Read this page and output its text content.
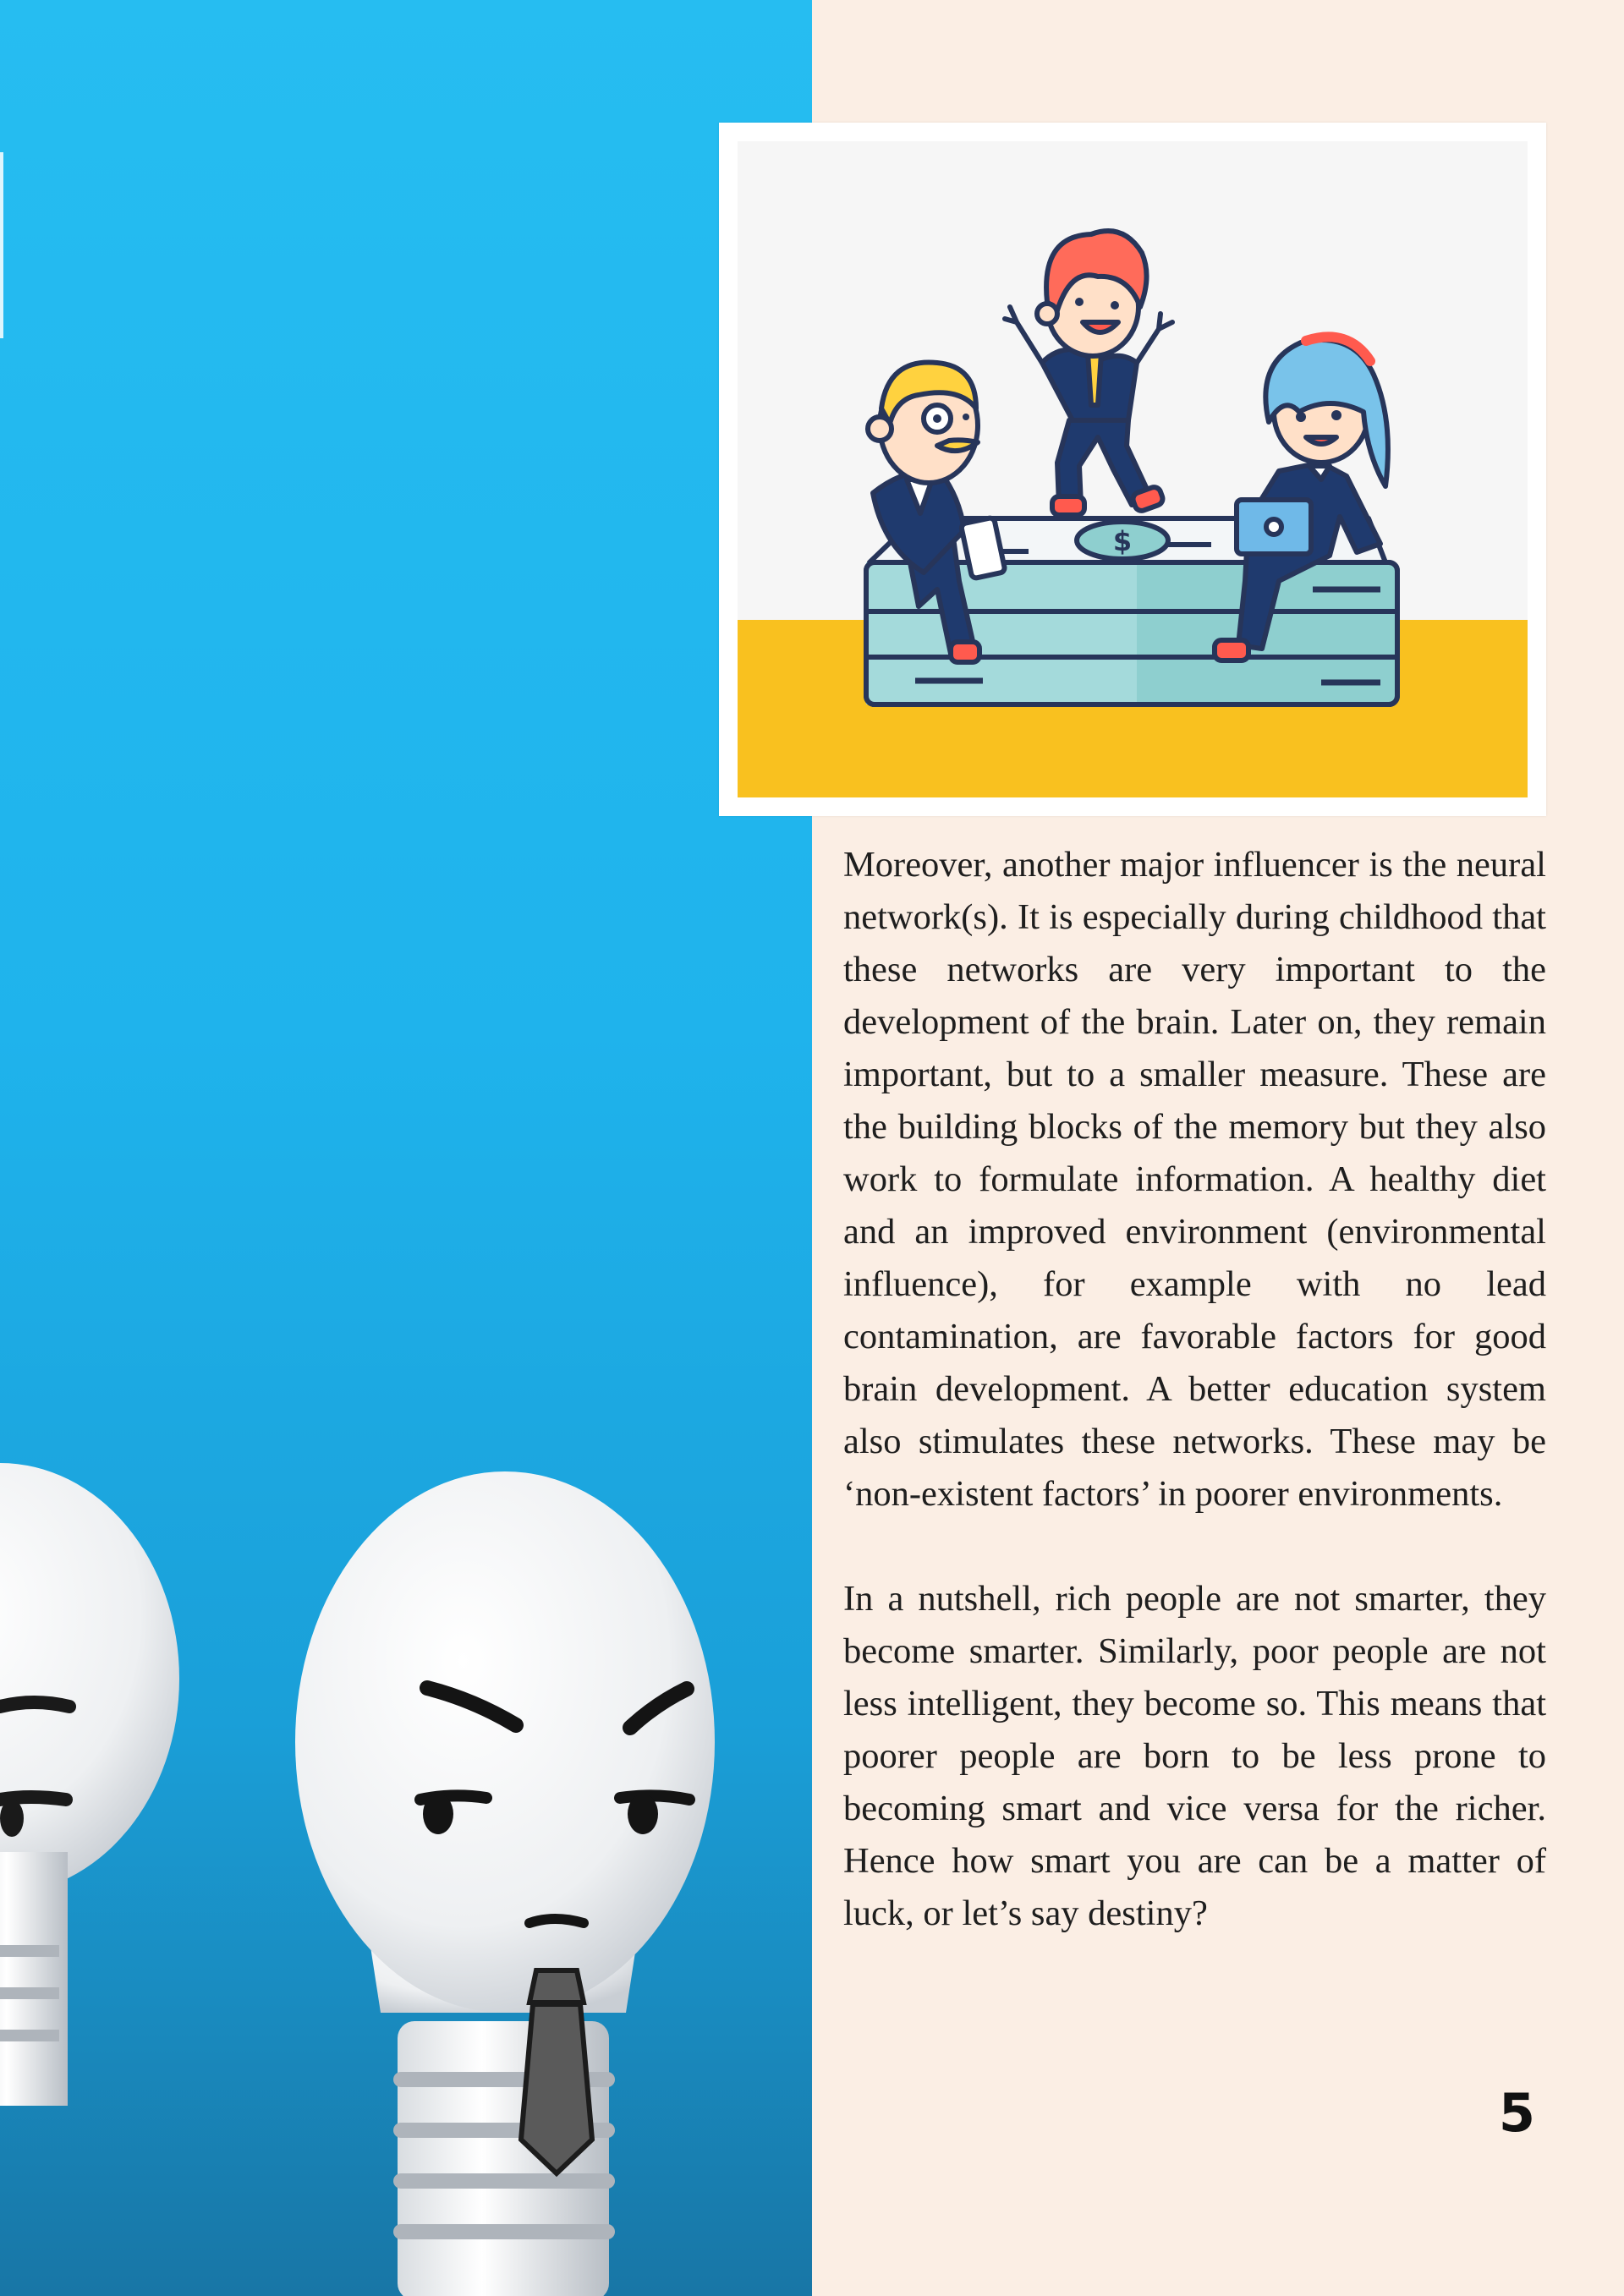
$

Moreover, another major influencer is the neural network(s). It is especially during childhood that these networks are very important to the development of the brain. Later on, they remain important, but to a smaller measure. These are the building blocks of the memory but they also work to formulate information. A healthy diet and an improved environment (environmental influence), for example with no lead contamination, are favorable factors for good brain development. A better education system also stimulates these networks. These may be ‘non-existent factors’ in poorer environments.

In a nutshell, rich people are not smarter, they become smarter. Similarly, poor people are not less intelligent, they become so. This means that poorer people are born to be less prone to becoming smart and vice versa for the richer. Hence how smart you are can be a matter of luck, or let’s say destiny?

5
